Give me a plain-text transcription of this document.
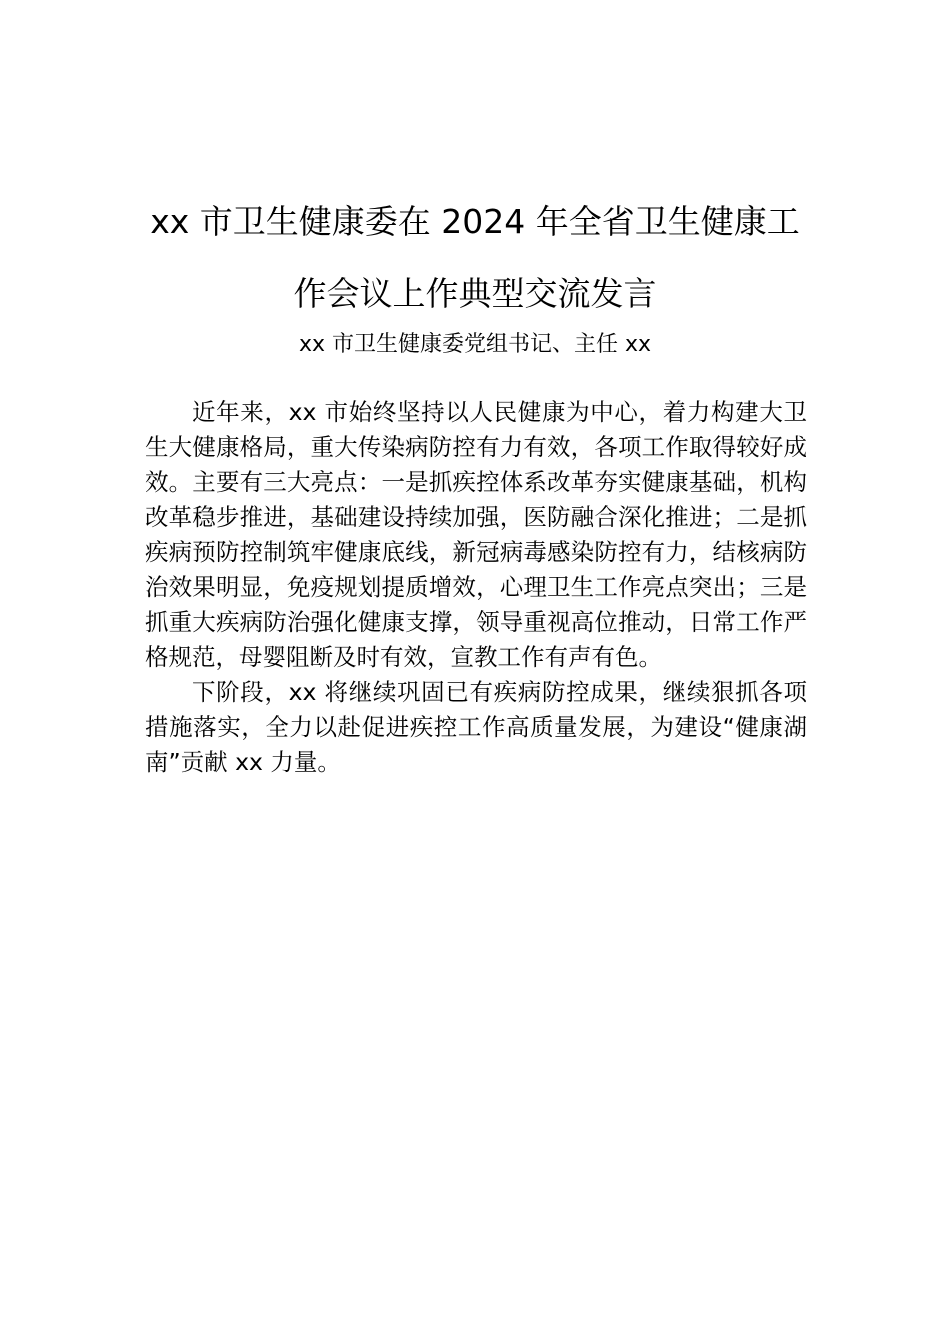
xx 市卫生健康委在 2024 年全省卫生健康工
作会议上作典型交流发言

xx 市卫生健康委党组书记、主任 xx

近年来，xx 市始终坚持以人民健康为中心，着力构建大卫生大健康格局，重大传染病防控有力有效，各项工作取得较好成效。主要有三大亮点：一是抓疾控体系改革夯实健康基础，机构改革稳步推进，基础建设持续加强，医防融合深化推进；二是抓疾病预防控制筑牢健康底线，新冠病毒感染防控有力，结核病防治效果明显，免疫规划提质增效，心理卫生工作亮点突出；三是抓重大疾病防治强化健康支撑，领导重视高位推动，日常工作严格规范，母婴阻断及时有效，宣教工作有声有色。

下阶段，xx 将继续巩固已有疾病防控成果，继续狠抓各项措施落实，全力以赴促进疾控工作高质量发展，为建设“健康湖南”贡献 xx 力量。
